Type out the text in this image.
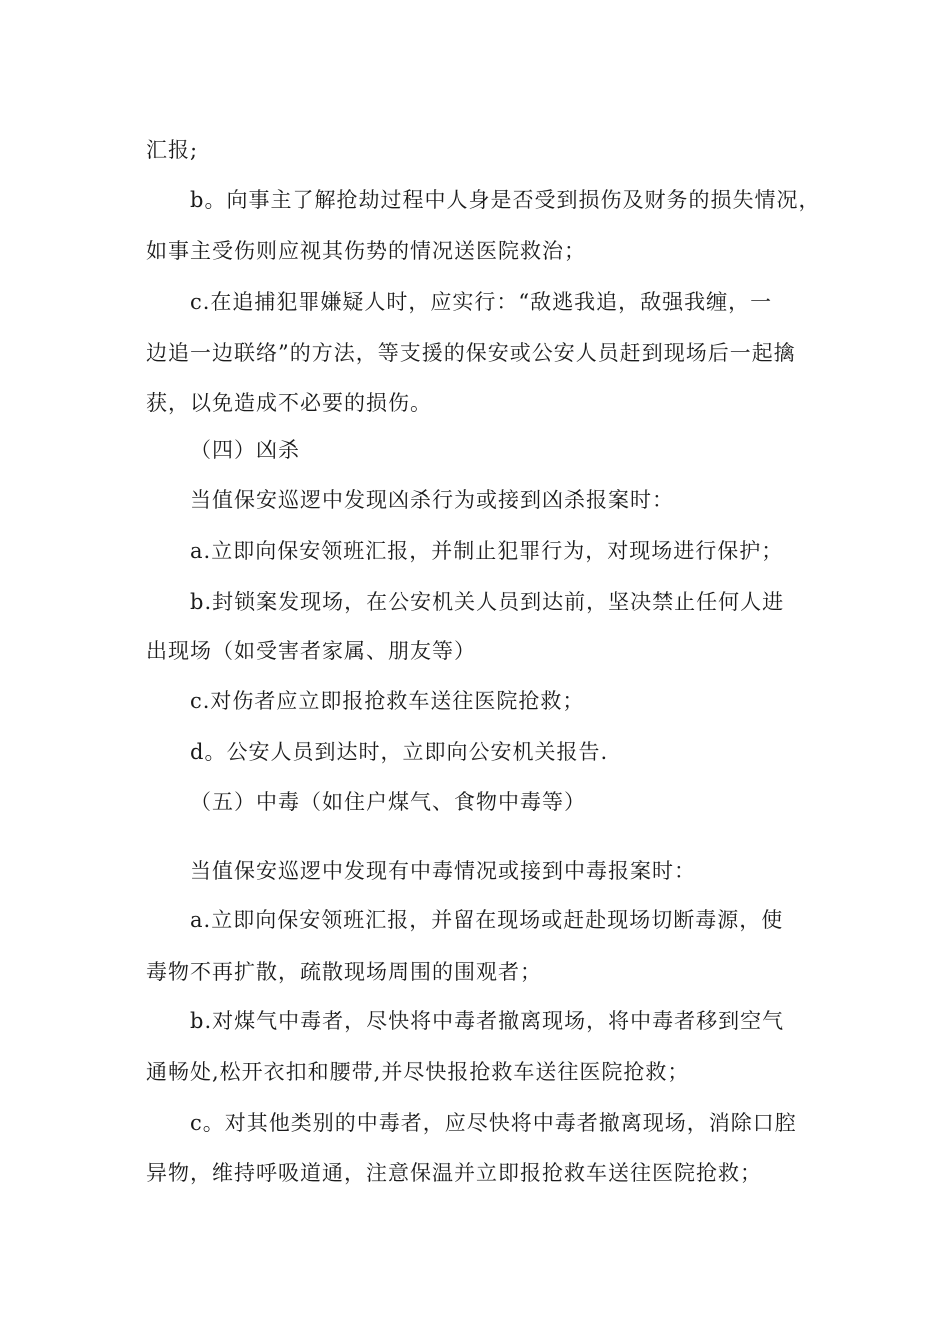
汇报;
b。向事主了解抢劫过程中人身是否受到损伤及财务的损失情况，
如事主受伤则应视其伤势的情况送医院救治；
c.在追捕犯罪嫌疑人时，应实行：“敌逃我追，敌强我缠，一
边追一边联络”的方法，等支援的保安或公安人员赶到现场后一起擒
获，以免造成不必要的损伤。
（四）凶杀
当值保安巡逻中发现凶杀行为或接到凶杀报案时：
a.立即向保安领班汇报，并制止犯罪行为，对现场进行保护；
b.封锁案发现场，在公安机关人员到达前，坚决禁止任何人进
出现场（如受害者家属、朋友等）
c.对伤者应立即报抢救车送往医院抢救；
d。公安人员到达时，立即向公安机关报告.
（五）中毒（如住户煤气、食物中毒等）
当值保安巡逻中发现有中毒情况或接到中毒报案时：
a.立即向保安领班汇报，并留在现场或赶赴现场切断毒源，使
毒物不再扩散，疏散现场周围的围观者；
b.对煤气中毒者，尽快将中毒者撤离现场，将中毒者移到空气
通畅处,松开衣扣和腰带,并尽快报抢救车送往医院抢救；
c。对其他类别的中毒者，应尽快将中毒者撤离现场，消除口腔
异物，维持呼吸道通，注意保温并立即报抢救车送往医院抢救；
